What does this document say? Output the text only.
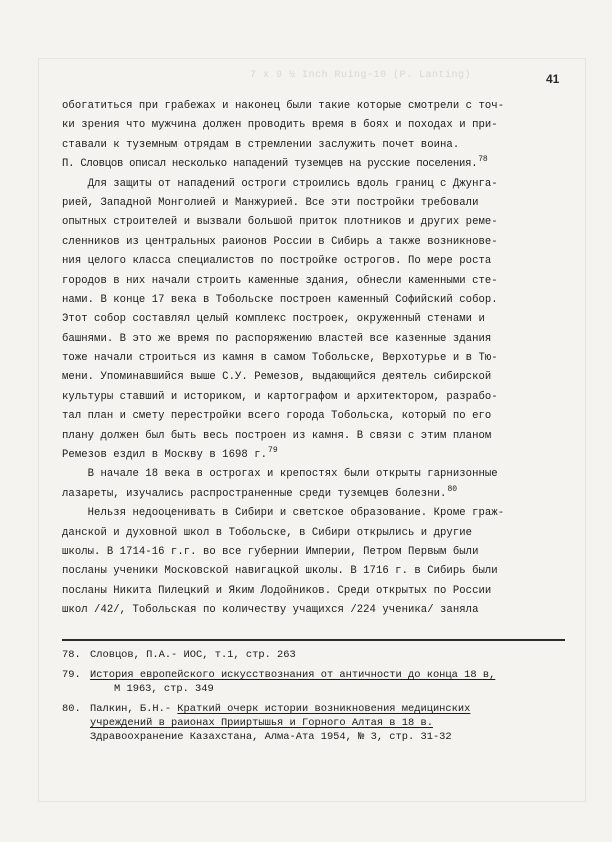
7 х 9 ½ Inch Ruing-10 (Р. Lanting)	41
обогатиться при грабежах и наконец были такие которые смотрели с точ-
ки зрения что мужчина должен проводить время в боях и походах и при-
ставали к туземным отрядам в стремлении заслужить почет воина.
П. Словцов описал несколько нападений туземцев на русские поселения.$^{78}$
Для защиты от нападений остроги строились вдоль границ с Джунга-
рией, Западной Монголией и Манжурией. Все эти постройки требовали
опытных строителей и вызвали большой приток плотников и других реме-
сленников из центральных раионов России в Сибирь а также возникнове-
ния целого класса специалистов по постройке острогов. По мере роста
городов в них начали строить каменные здания, обнесли каменными сте-
нами. В конце 17 века в Тобольске построен каменный Софийский собор.
Этот собор составлял целый комплекс построек, окруженный стенами и
башнями. В это же время по распоряжению властей все казенные здания
тоже начали строиться из камня в самом Тобольске, Верхотурье и в Тю-
мени. Упоминавшийся выше С.У. Ремезов, выдающийся деятель сибирской
культуры ставший и историком, и картографом и архитектором, разрабо-
тал план и смету перестройки всего города Тобольска, который по его
плану должен был быть весь построен из камня. В связи с этим планом
Ремезов ездил в Москву в 1698 г.$^{79}$
В начале 18 века в острогах и крепостях были открыты гарнизонные
лазареты, изучались распространенные среди туземцев болезни.$^{80}$
Нельзя недооценивать в Сибири и светское образование. Кроме граж-
данской и духовной школ в Тобольске, в Сибири открылись и другие
школы. В 1714-16 г.г. во все губернии Империи, Петром Первым были
посланы ученики Московской навигацкой школы. В 1716 г. в Сибирь были
посланы Никита Пилецкий и Яким Лодойников. Среди открытых по России
школ /42/, Тобольская по количеству учащихся /224 ученика/ заняла
78. Словцов, П.А.- ИОС, т.1, стр. 263
79. История европейского искусствознания от античности до конца 18 в,
М 1963, стр. 349
80. Палкин, Б.Н.- Краткий очерк истории возникновения медицинских
учреждений в раионах Прииртышья и Горного Алтая в 18 в.
Здравоохранение Казахстана, Алма-Ата 1954, № 3, стр. 31-32
